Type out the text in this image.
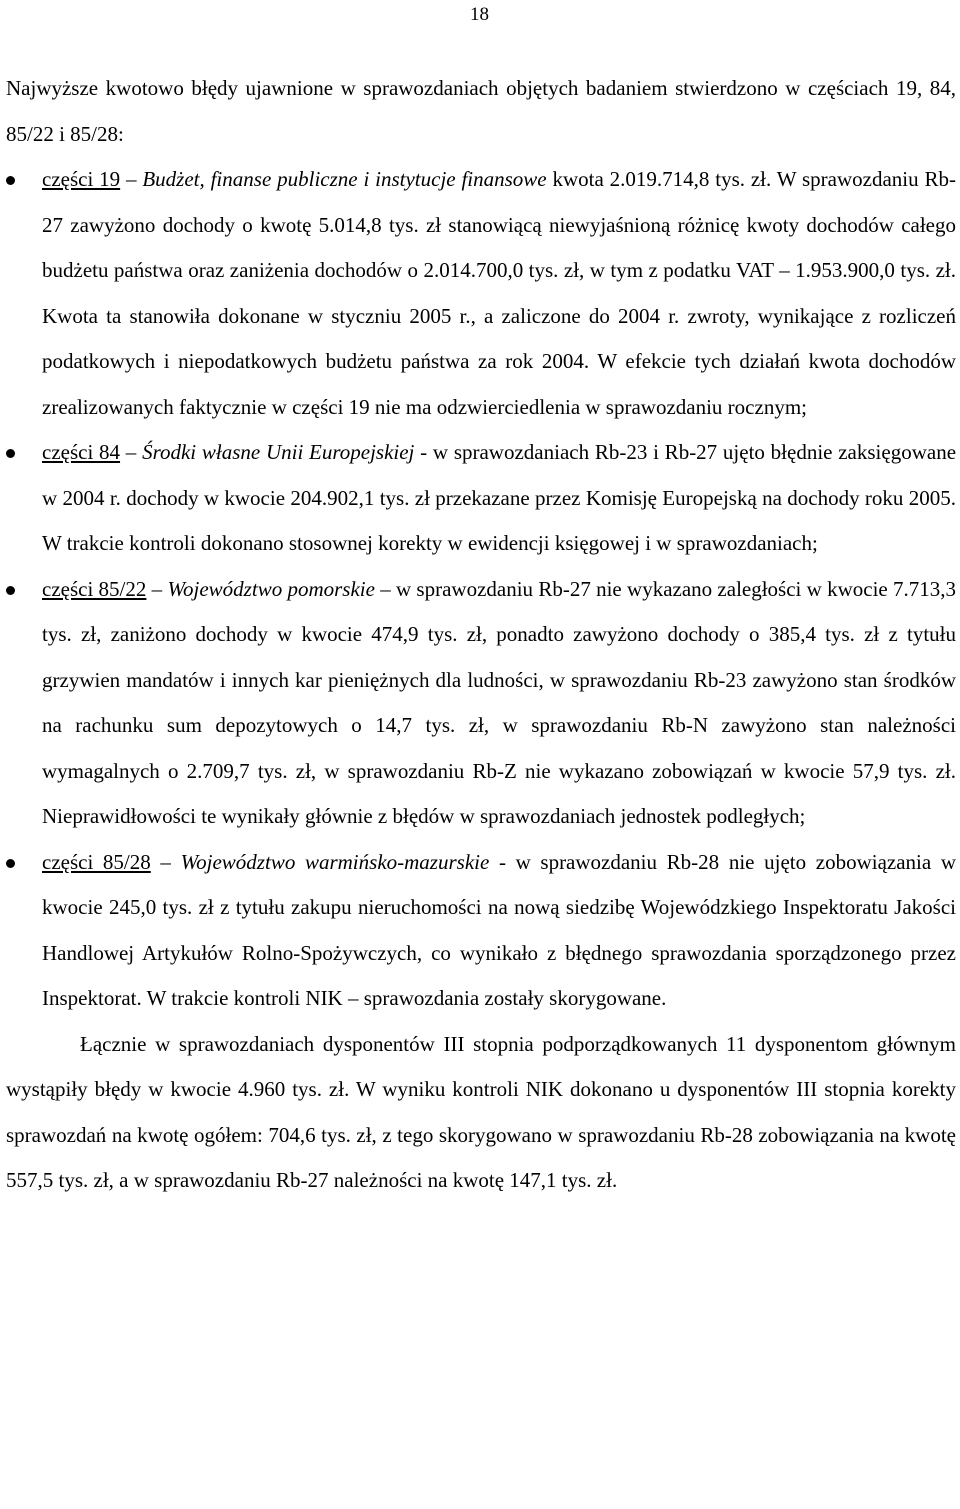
18

Najwyższe kwotowo błędy ujawnione w sprawozdaniach objętych badaniem stwierdzono w częściach 19, 84, 85/22 i 85/28:

części 19 – Budżet, finanse publiczne i instytucje finansowe kwota 2.019.714,8 tys. zł. W sprawozdaniu Rb-27 zawyżono dochody o kwotę 5.014,8 tys. zł stanowiącą niewyjaśnioną różnicę kwoty dochodów całego budżetu państwa oraz zaniżenia dochodów o 2.014.700,0 tys. zł, w tym z podatku VAT – 1.953.900,0 tys. zł. Kwota ta stanowiła dokonane w styczniu 2005 r., a zaliczone do 2004 r. zwroty, wynikające z rozliczeń podatkowych i niepodatkowych budżetu państwa za rok 2004. W efekcie tych działań kwota dochodów zrealizowanych faktycznie w części 19 nie ma odzwierciedlenia w sprawozdaniu rocznym;
części 84 – Środki własne Unii Europejskiej - w sprawozdaniach Rb-23 i Rb-27 ujęto błędnie zaksięgowane w 2004 r. dochody w kwocie 204.902,1 tys. zł przekazane przez Komisję Europejską na dochody roku 2005. W trakcie kontroli dokonano stosownej korekty w ewidencji księgowej i w sprawozdaniach;
części 85/22 – Województwo pomorskie – w sprawozdaniu Rb-27 nie wykazano zaległości w kwocie 7.713,3 tys. zł, zaniżono dochody w kwocie 474,9 tys. zł, ponadto zawyżono dochody o 385,4 tys. zł z tytułu grzywien mandatów i innych kar pieniężnych dla ludności, w sprawozdaniu Rb-23 zawyżono stan środków na rachunku sum depozytowych o 14,7 tys. zł, w sprawozdaniu Rb-N zawyżono stan należności wymagalnych o 2.709,7 tys. zł, w sprawozdaniu Rb-Z nie wykazano zobowiązań w kwocie 57,9 tys. zł. Nieprawidłowości te wynikały głównie z błędów w sprawozdaniach jednostek podległych;
części 85/28 – Województwo warmińsko-mazurskie - w sprawozdaniu Rb-28 nie ujęto zobowiązania w kwocie 245,0 tys. zł z tytułu zakupu nieruchomości na nową siedzibę Wojewódzkiego Inspektoratu Jakości Handlowej Artykułów Rolno-Spożywczych, co wynikało z błędnego sprawozdania sporządzonego przez Inspektorat. W trakcie kontroli NIK – sprawozdania zostały skorygowane.

Łącznie w sprawozdaniach dysponentów III stopnia podporządkowanych 11 dysponentom głównym wystąpiły błędy w kwocie 4.960 tys. zł. W wyniku kontroli NIK dokonano u dysponentów III stopnia korekty sprawozdań na kwotę ogółem: 704,6 tys. zł, z tego skorygowano w sprawozdaniu Rb-28 zobowiązania na kwotę 557,5 tys. zł, a w sprawozdaniu Rb-27 należności na kwotę 147,1 tys. zł.
